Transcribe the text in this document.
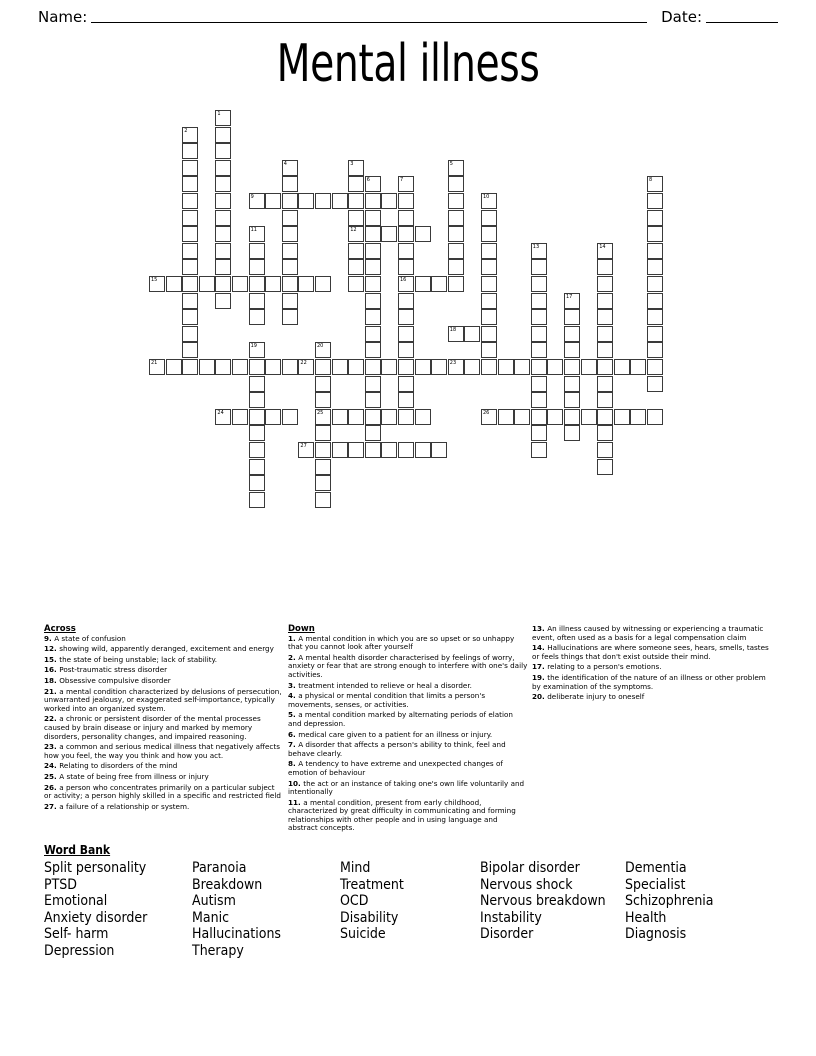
Name:	Date:
Mental illness
1
2
3
12
4	5
6	7
16
8
9	10
11
13	14
15
17
18
19	20
25
21	22	23
24	26
27
Across
9. A state of confusion
12. showing wild, apparently deranged, excitement and energy
15. the state of being unstable; lack of stability.
16. Post-traumatic stress disorder
18. Obsessive compulsive disorder
21. a mental condition characterized by delusions of persecution, unwarranted jealousy, or exaggerated self-importance, typically worked into an organized system.
22. a chronic or persistent disorder of the mental processes caused by brain disease or injury and marked by memory disorders, personality changes, and impaired reasoning.
23. a common and serious medical illness that negatively affects how you feel, the way you think and how you act.
24. Relating to disorders of the mind
25. A state of being free from illness or injury
26. a person who concentrates primarily on a particular subject or activity; a person highly skilled in a specific and restricted field
27. a failure of a relationship or system.
Down
1. A mental condition in which you are so upset or so unhappy that you cannot look after yourself
2. A mental health disorder characterised by feelings of worry, anxiety or fear that are strong enough to interfere with one's daily activities.
3. treatment intended to relieve or heal a disorder.
4. a physical or mental condition that limits a person's movements, senses, or activities.
5. a mental condition marked by alternating periods of elation and depression.
6. medical care given to a patient for an illness or injury.
7. A disorder that affects a person's ability to think, feel and behave clearly.
8. A tendency to have extreme and unexpected changes of emotion of behaviour
10. the act or an instance of taking one's own life voluntarily and intentionally
11. a mental condition, present from early childhood, characterized by great difficulty in communicating and forming relationships with other people and in using language and abstract concepts.
13. An illness caused by witnessing or experiencing a traumatic event, often used as a basis for a legal compensation claim
14. Hallucinations are where someone sees, hears, smells, tastes or feels things that don't exist outside their mind.
17. relating to a person's emotions.
19. the identification of the nature of an illness or other problem by examination of the symptoms.
20. deliberate injury to oneself
Word Bank
Split personality
PTSD
Emotional
Anxiety disorder
Self- harm
Depression
Paranoia
Breakdown
Autism
Manic
Hallucinations
Therapy
Mind
Treatment
OCD
Disability
Suicide
Bipolar disorder
Nervous shock
Nervous breakdown
Instability
Disorder
Dementia
Specialist
Schizophrenia
Health
Diagnosis
